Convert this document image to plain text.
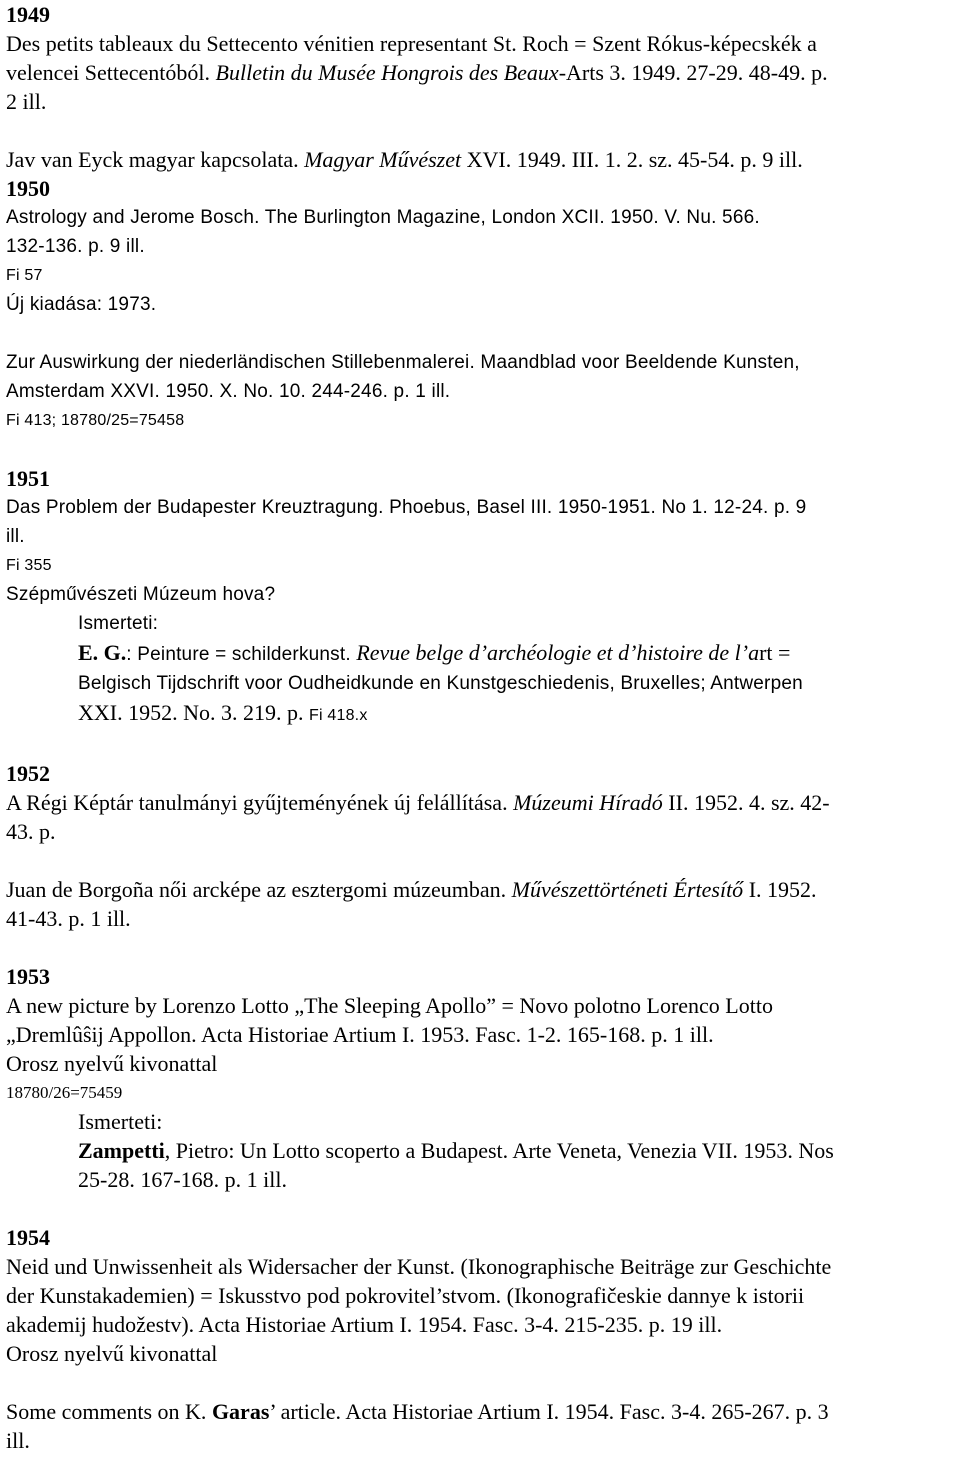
1949

Des petits tableaux du Settecento vénitien representant St. Roch = Szent Rókus-képecskék a

velencei Settecentóból. Bulletin du Musée Hongrois des Beaux-Arts 3. 1949. 27-29. 48-49. p.

2 ill.

Jav van Eyck magyar kapcsolata. Magyar Művészet XVI. 1949. III. 1. 2. sz. 45-54. p. 9 ill.

1950

Astrology and Jerome Bosch. The Burlington Magazine, London XCII. 1950. V. Nu. 566.

132-136. p. 9 ill.

Fi 57

Új kiadása: 1973.

Zur Auswirkung der niederländischen Stillebenmalerei. Maandblad voor Beeldende Kunsten,

Amsterdam XXVI. 1950. X. No. 10. 244-246. p. 1 ill.

Fi 413; 18780/25=75458

1951

Das Problem der Budapester Kreuztragung. Phoebus, Basel III. 1950-1951. No 1. 12-24. p. 9

ill.

Fi 355

Szépművészeti Múzeum hova?

Ismerteti:

E. G.: Peinture = schilderkunst. Revue belge d’archéologie et d’histoire de l’art =

Belgisch Tijdschrift voor Oudheidkunde en Kunstgeschiedenis, Bruxelles; Antwerpen

XXI. 1952. No. 3. 219. p. Fi 418.x

1952

A Régi Képtár tanulmányi gyűjteményének új felállítása. Múzeumi Híradó II. 1952. 4. sz. 42-

43. p.

Juan de Borgoña női arcképe az esztergomi múzeumban. Művészettörténeti Értesítő I. 1952.

41-43. p. 1 ill.

1953

A new picture by Lorenzo Lotto „The Sleeping Apollo” = Novo polotno Lorenco Lotto

„Dremlûŝij Appollon. Acta Historiae Artium I. 1953. Fasc. 1-2. 165-168. p. 1 ill.

Orosz nyelvű kivonattal

18780/26=75459

Ismerteti:

Zampetti, Pietro: Un Lotto scoperto a Budapest. Arte Veneta, Venezia VII. 1953. Nos

25-28. 167-168. p. 1 ill.

1954

Neid und Unwissenheit als Widersacher der Kunst. (Ikonographische Beiträge zur Geschichte

der Kunstakademien) = Iskusstvo pod pokrovitel’stvom. (Ikonografičeskie dannye k istorii

akademij hudožestv). Acta Historiae Artium I. 1954. Fasc. 3-4. 215-235. p. 19 ill.

Orosz nyelvű kivonattal

Some comments on K. Garas’ article. Acta Historiae Artium I. 1954. Fasc. 3-4. 265-267. p. 3

ill.
